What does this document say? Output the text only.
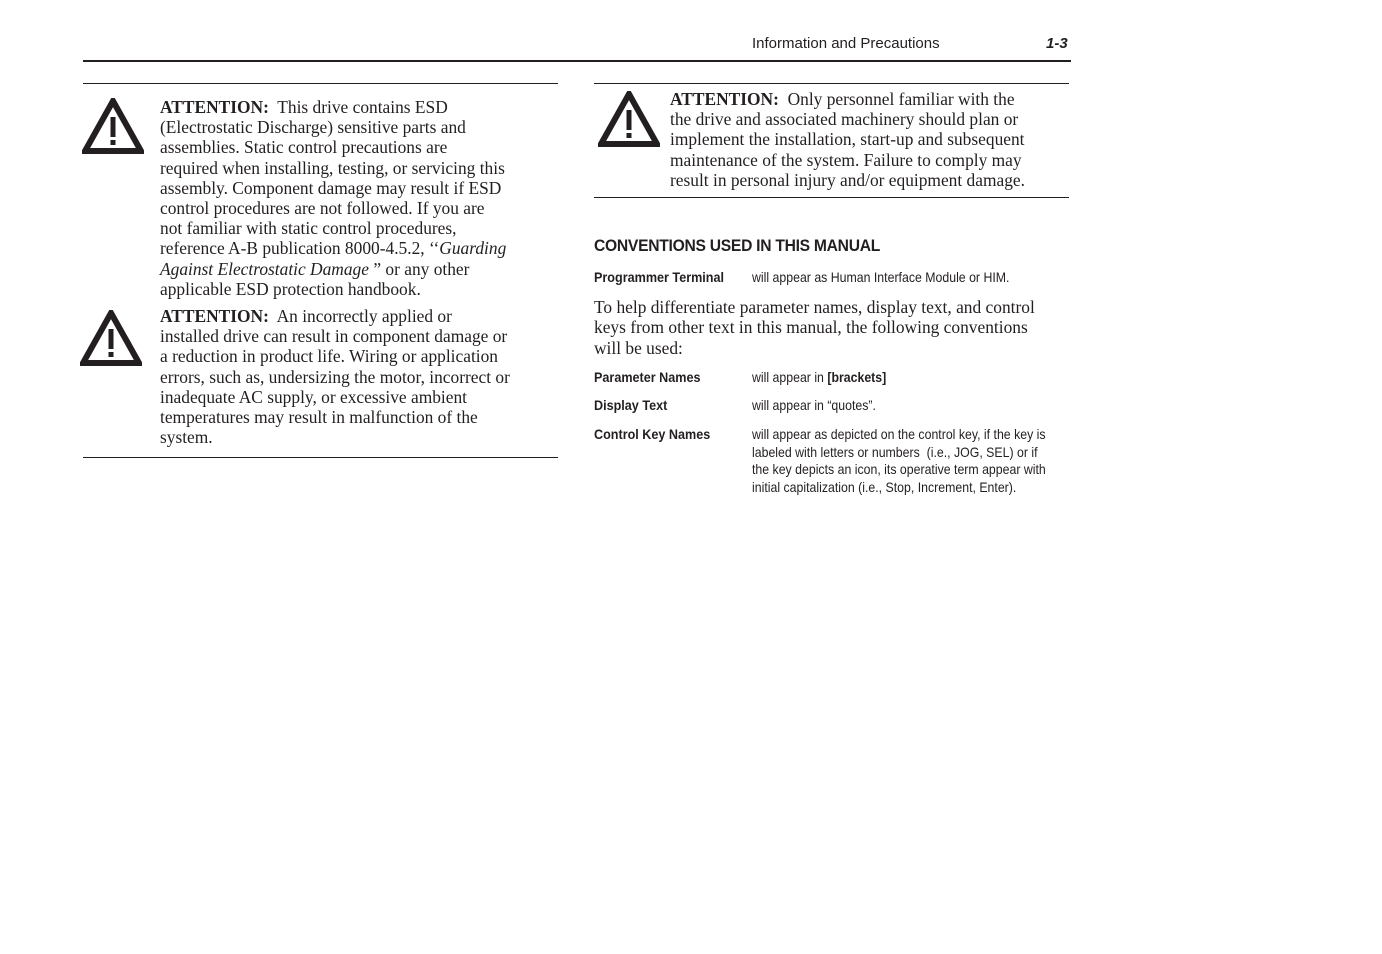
Information and Precautions	1-3
ATTENTION:  This drive contains ESD
(Electrostatic Discharge) sensitive parts and
assemblies. Static control precautions are
required when installing, testing, or servicing this
assembly. Component damage may result if ESD
control procedures are not followed. If you are
not familiar with static control procedures,
reference A-B publication 8000-4.5.2, ‘‘Guarding
Against Electrostatic Damage ” or any other
applicable ESD protection handbook.
ATTENTION:  An incorrectly applied or
installed drive can result in component damage or
a reduction in product life. Wiring or application
errors, such as, undersizing the motor, incorrect or
inadequate AC supply, or excessive ambient
temperatures may result in malfunction of the
system.
ATTENTION:  Only personnel familiar with the
the drive and associated machinery should plan or
implement the installation, start-up and subsequent
maintenance of the system. Failure to comply may
result in personal injury and/or equipment damage.
CONVENTIONS USED IN THIS MANUAL
Programmer Terminal will appear as Human Interface Module or HIM.
To help differentiate parameter names, display text, and control
keys from other text in this manual, the following conventions
will be used:
Parameter Names	will appear in [brackets]
Display Text	will appear in “quotes”.
Control Key Names	will appear as depicted on the control key, if the key is
labeled with letters or numbers  (i.e., JOG, SEL) or if
the key depicts an icon, its operative term appear with
initial capitalization (i.e., Stop, Increment, Enter).
